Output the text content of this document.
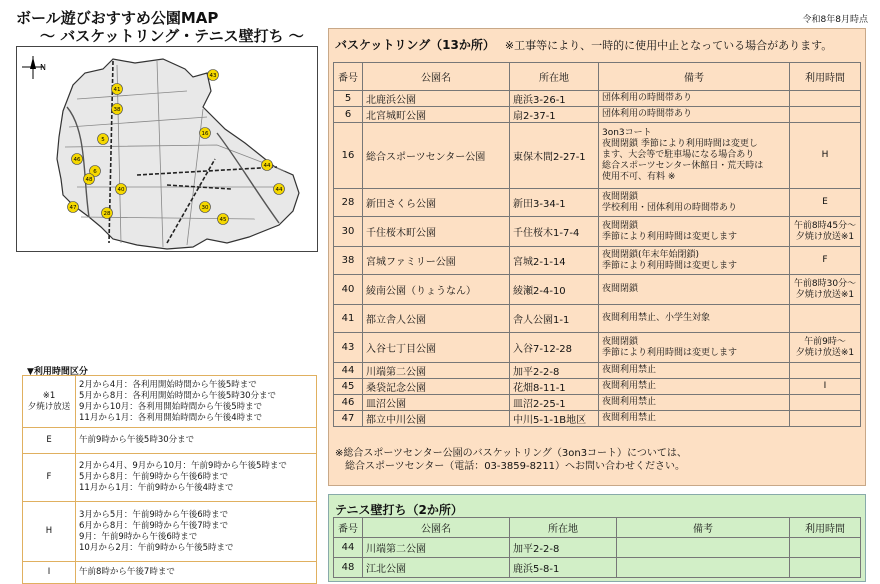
ボール遊びおすすめ公園MAP
～ バスケットリング・テニス壁打ち ～
令和8年8月時点
N
5
6
16
28
30
38
40
41
43
44
45
46
47
44
48
▼利用時間区分
※1
夕焼け放送	2月から4月：各利用開始時間から午後5時まで
5月から8月：各利用開始時間から午後5時30分まで
9月から10月：各利用開始時間から午後5時まで
11月から1月：各利用開始時間から午後4時まで

E	午前9時から午後5時30分まで

F	2月から4月、9月から10月：午前9時から午後5時まで
5月から8月：午前9時から午後6時まで
11月から1月：午前9時から午後4時まで

H	3月から5月：午前9時から午後6時まで
6月から8月：午前9時から午後7時まで
9月：午前9時から午後6時まで
10月から2月：午前9時から午後5時まで

I	午前8時から午後7時まで
バスケットリング（13か所） ※工事等により、一時的に使用中止となっている場合があります。
番号	公園名	所在地	備考	利用時間
5	北鹿浜公園	鹿浜3-26-1	団体利用の時間帯あり	

6	北宮城町公園	扇2-37-1	団体利用の時間帯あり	

16	総合スポーツセンター公園	東保木間2-27-1	3on3コート
夜間閉鎖 季節により利用時間は変更し
ます、大会等で駐車場になる場合あり
総合スポーツセンター休館日・荒天時は
使用不可、有料 ※	H

28	新田さくら公園	新田3-34-1	夜間閉鎖
学校利用・団体利用の時間帯あり	E

30	千住桜木町公園	千住桜木1-7-4	夜間閉鎖
季節により利用時間は変更します	午前8時45分～
夕焼け放送※1

38	宮城ファミリー公園	宮城2-1-14	夜間閉鎖(年末年始閉鎖)
季節により利用時間は変更します	F

40	綾南公園（りょうなん）	綾瀬2-4-10	夜間閉鎖	午前8時30分～
夕焼け放送※1

41	都立舎人公園	舎人公園1-1	夜間利用禁止、小学生対象	

43	入谷七丁目公園	入谷7-12-28	夜間閉鎖
季節により利用時間は変更します	午前9時～
夕焼け放送※1

44	川端第二公園	加平2-2-8	夜間利用禁止	

45	桑袋記念公園	花畑8-11-1	夜間利用禁止	I

46	皿沼公園	皿沼2-25-1	夜間利用禁止	

47	都立中川公園	中川5-1-1B地区	夜間利用禁止	

※総合スポーツセンター公園のバスケットリング（3on3コート）については、
総合スポーツセンター（電話：03-3859-8211）へお問い合わせください。
テニス壁打ち（2か所）
番号	公園名	所在地	備考	利用時間
44	川端第二公園	加平2-2-8		
48	江北公園	鹿浜5-8-1		
